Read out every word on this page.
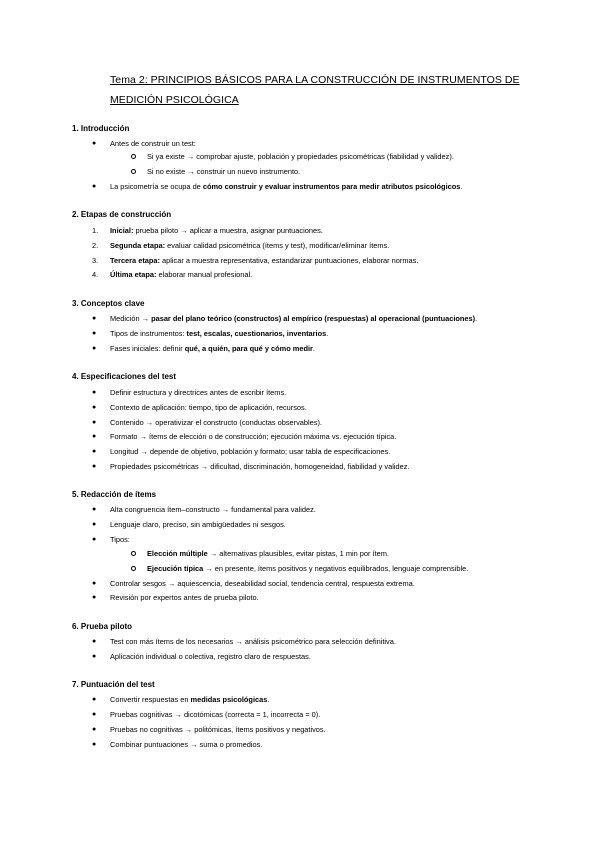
Tema 2: PRINCIPIOS BÁSICOS PARA LA CONSTRUCCIÓN DE INSTRUMENTOS DE MEDICIÓN PSICOLÓGICA
1. Introducción
● Antes de construir un test:
Si ya existe → comprobar ajuste, población y propiedades psicométricas (fiabilidad y validez).
Si no existe → construir un nuevo instrumento.
● La psicometría se ocupa de cómo construir y evaluar instrumentos para medir atributos psicológicos.
2. Etapas de construcción
1. Inicial: prueba piloto → aplicar a muestra, asignar puntuaciones.
2. Segunda etapa: evaluar calidad psicométrica (ítems y test), modificar/eliminar ítems.
3. Tercera etapa: aplicar a muestra representativa, estandarizar puntuaciones, elaborar normas.
4. Última etapa: elaborar manual profesional.
3. Conceptos clave
● Medición → pasar del plano teórico (constructos) al empírico (respuestas) al operacional (puntuaciones).
● Tipos de instrumentos: test, escalas, cuestionarios, inventarios.
● Fases iniciales: definir qué, a quién, para qué y cómo medir.
4. Especificaciones del test
● Definir estructura y directrices antes de escribir ítems.
● Contexto de aplicación: tiempo, tipo de aplicación, recursos.
● Contenido → operativizar el constructo (conductas observables).
● Formato → ítems de elección o de construcción; ejecución máxima vs. ejecución típica.
● Longitud → depende de objetivo, población y formato; usar tabla de especificaciones.
● Propiedades psicométricas → dificultad, discriminación, homogeneidad, fiabilidad y validez.
5. Redacción de ítems
● Alta congruencia ítem–constructo → fundamental para validez.
● Lenguaje claro, preciso, sin ambigüedades ni sesgos.
● Tipos:
Elección múltiple → alternativas plausibles, evitar pistas, 1 min por ítem.
Ejecución típica → en presente, ítems positivos y negativos equilibrados, lenguaje comprensible.
● Controlar sesgos → aquiescencia, deseabilidad social, tendencia central, respuesta extrema.
● Revisión por expertos antes de prueba piloto.
6. Prueba piloto
● Test con más ítems de los necesarios → análisis psicométrico para selección definitiva.
● Aplicación individual o colectiva, registro claro de respuestas.
7. Puntuación del test
● Convertir respuestas en medidas psicológicas.
● Pruebas cognitivas → dicotómicas (correcta = 1, incorrecta = 0).
● Pruebas no cognitivas → politómicas, ítems positivos y negativos.
● Combinar puntuaciones → suma o promedios.
